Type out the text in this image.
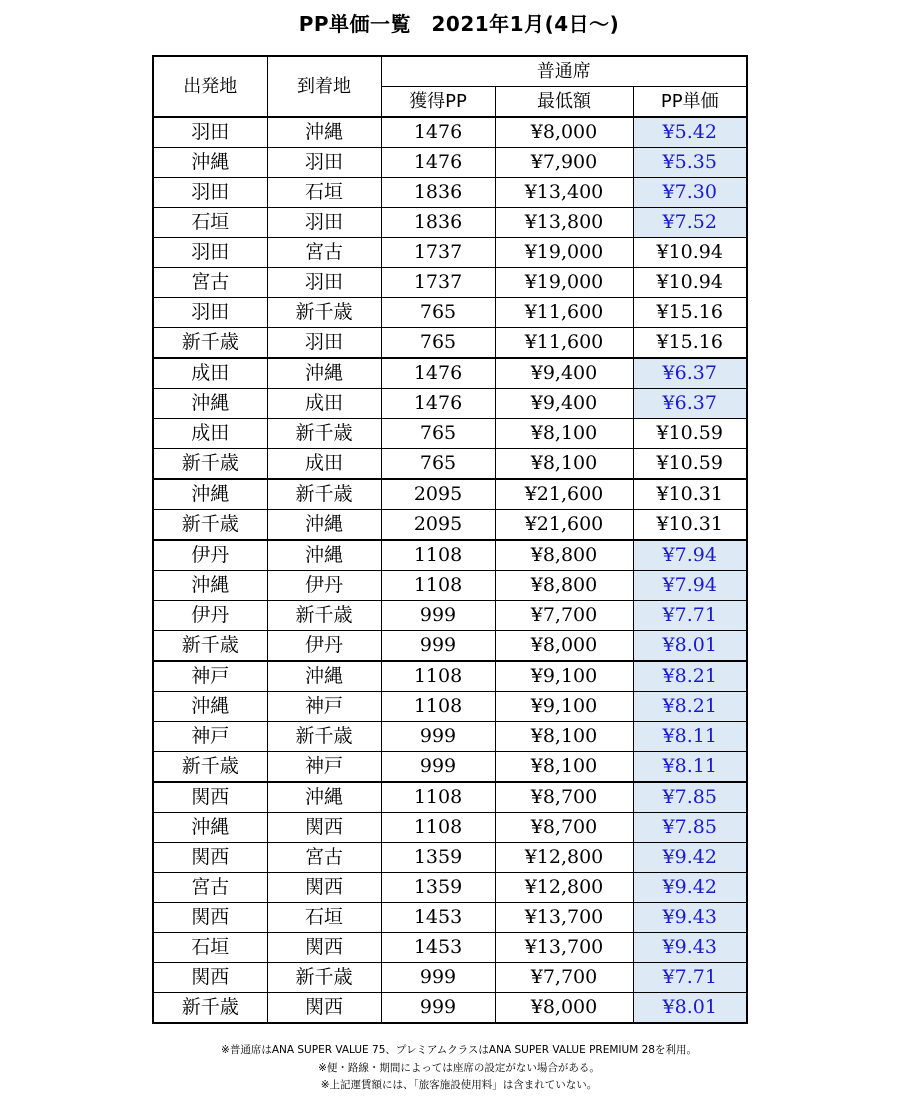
PP単価一覧　2021年1月(4日～)
出発地	到着地	普通席		
		獲得PP	最低額	PP単価
羽田	沖縄	1476	¥8,000	¥5.42
沖縄	羽田	1476	¥7,900	¥5.35
羽田	石垣	1836	¥13,400	¥7.30
石垣	羽田	1836	¥13,800	¥7.52
羽田	宮古	1737	¥19,000	¥10.94
宮古	羽田	1737	¥19,000	¥10.94
羽田	新千歳	765	¥11,600	¥15.16
新千歳	羽田	765	¥11,600	¥15.16
成田	沖縄	1476	¥9,400	¥6.37
沖縄	成田	1476	¥9,400	¥6.37
成田	新千歳	765	¥8,100	¥10.59
新千歳	成田	765	¥8,100	¥10.59
沖縄	新千歳	2095	¥21,600	¥10.31
新千歳	沖縄	2095	¥21,600	¥10.31
伊丹	沖縄	1108	¥8,800	¥7.94
沖縄	伊丹	1108	¥8,800	¥7.94
伊丹	新千歳	999	¥7,700	¥7.71
新千歳	伊丹	999	¥8,000	¥8.01
神戸	沖縄	1108	¥9,100	¥8.21
沖縄	神戸	1108	¥9,100	¥8.21
神戸	新千歳	999	¥8,100	¥8.11
新千歳	神戸	999	¥8,100	¥8.11
関西	沖縄	1108	¥8,700	¥7.85
沖縄	関西	1108	¥8,700	¥7.85
関西	宮古	1359	¥12,800	¥9.42
宮古	関西	1359	¥12,800	¥9.42
関西	石垣	1453	¥13,700	¥9.43
石垣	関西	1453	¥13,700	¥9.43
関西	新千歳	999	¥7,700	¥7.71
新千歳	関西	999	¥8,000	¥8.01
※普通席はANA SUPER VALUE 75、プレミアムクラスはANA SUPER VALUE PREMIUM 28を利用。
※便・路線・期間によっては座席の設定がない場合がある。
※上記運賃額には、「旅客施設使用料」は含まれていない。
